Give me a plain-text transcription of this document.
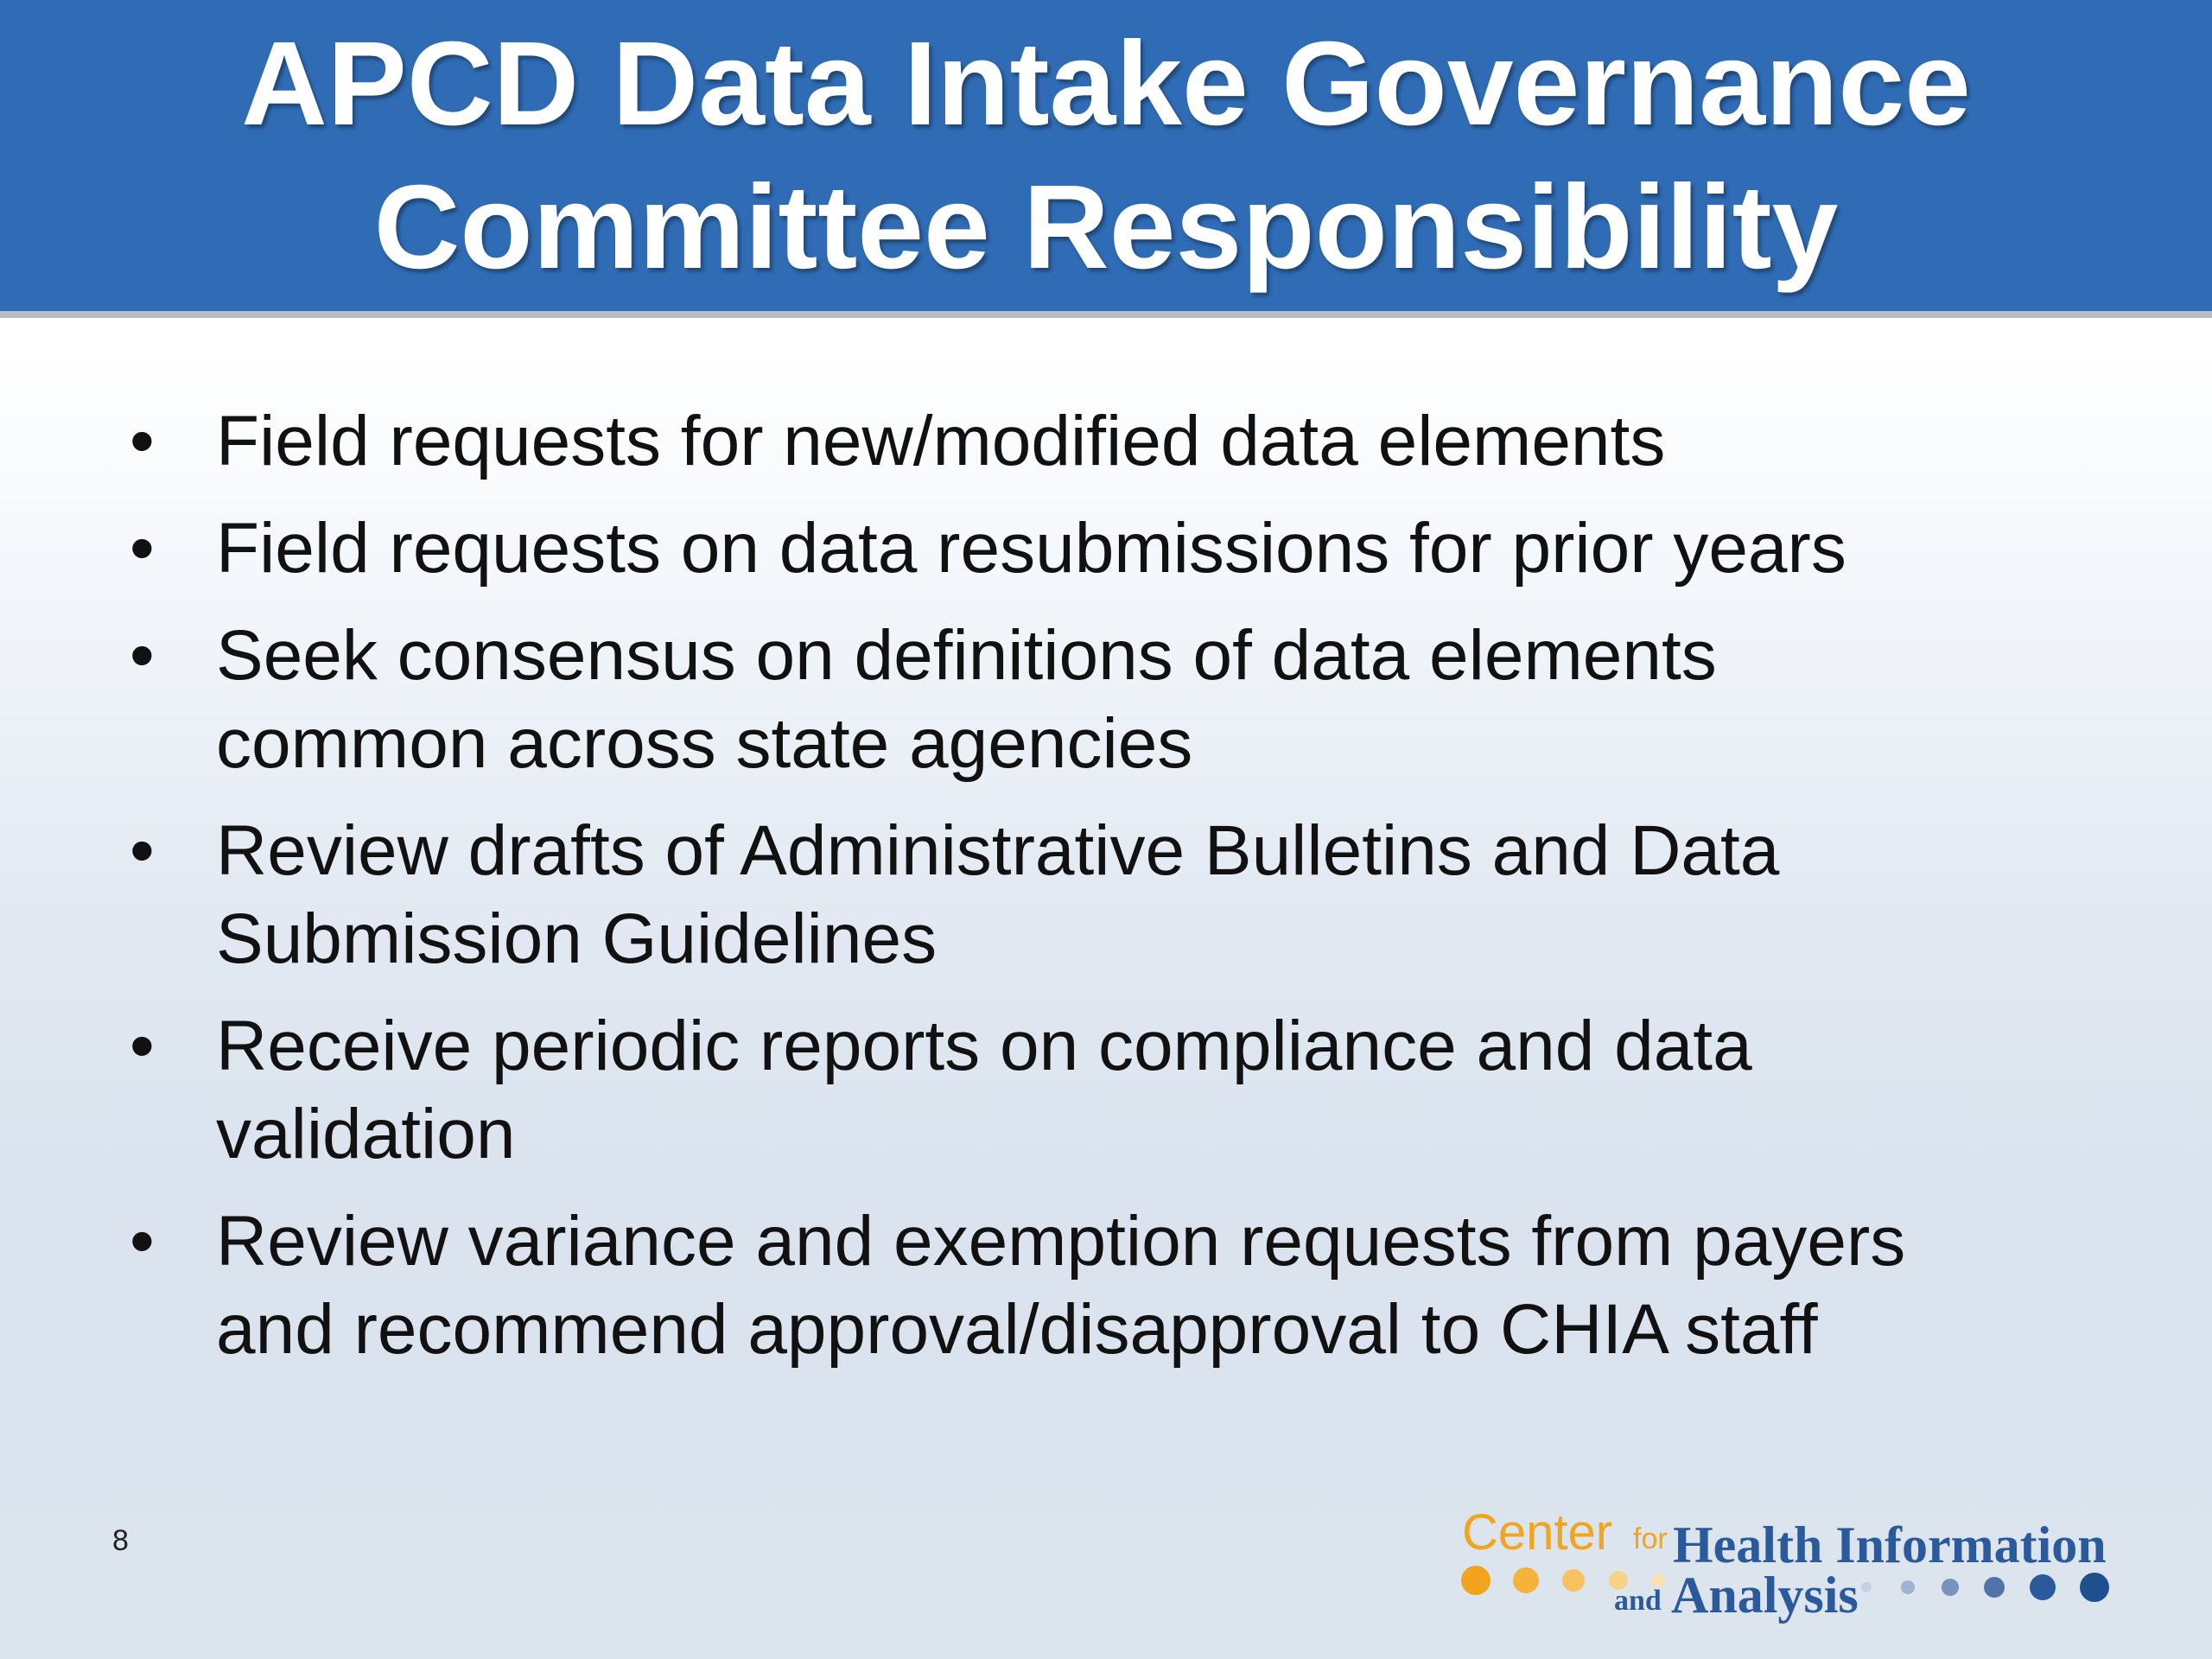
APCD Data Intake Governance
Committee Responsibility
• Field requests for new/modified data elements
• Field requests on data resubmissions for prior years
• Seek consensus on definitions of data elements
common across state agencies
• Review drafts of Administrative Bulletins and Data
Submission Guidelines
• Receive periodic reports on compliance and data
validation
• Review variance and exemption requests from payers
and recommend approval/disapproval to CHIA staff
8	Center for Health Information
and Analysis
